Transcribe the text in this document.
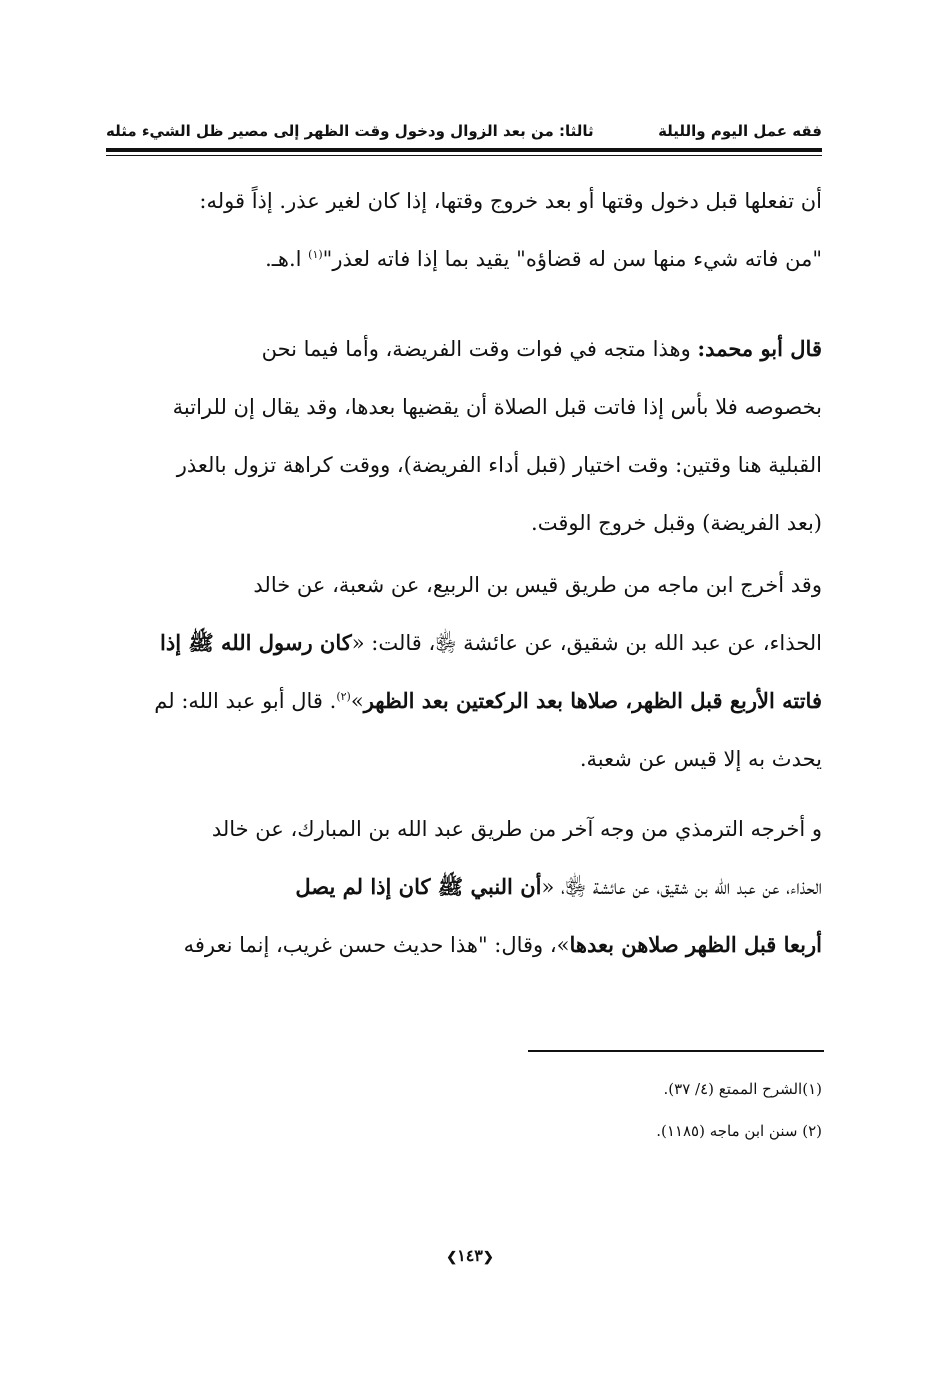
فقه عمل اليوم والليلة
ثالثا: من بعد الزوال ودخول وقت الظهر إلى مصير ظل الشيء مثله
أن تفعلها قبل دخول وقتها أو بعد خروج وقتها، إذا كان لغير عذر. إذاً قوله:
"من فاته شيء منها سن له قضاؤه" يقيد بما إذا فاته لعذر"$^{(١)}$ ا.هـ.
قال أبو محمد: وهذا متجه في فوات وقت الفريضة، وأما فيما نحن
بخصوصه فلا بأس إذا فاتت قبل الصلاة أن يقضيها بعدها، وقد يقال إن للراتبة
القبلية هنا وقتين: وقت اختيار (قبل أداء الفريضة)، ووقت كراهة تزول بالعذر
(بعد الفريضة) وقبل خروج الوقت.
وقد أخرج ابن ماجه من طريق قيس بن الربيع، عن شعبة، عن خالد
الحذاء، عن عبد الله بن شقيق، عن عائشة ﵂، قالت: «كان رسول الله ﷺ إذا
فاتته الأربع قبل الظهر، صلاها بعد الركعتين بعد الظهر»$^{(٢)}$. قال أبو عبد الله: لم
يحدث به إلا قيس عن شعبة.
و أخرجه الترمذي من وجه آخر من طريق عبد الله بن المبارك، عن خالد
الحذاء، عن عبد الله بن شقيق، عن عائشة ﵂، «أن النبي ﷺ كان إذا لم يصل
أربعا قبل الظهر صلاهن بعدها»، وقال: "هذا حديث حسن غريب، إنما نعرفه
(١)الشرح الممتع (٤/ ٣٧).
(٢) سنن ابن ماجه (١١٨٥).
❮١٤٣❯
